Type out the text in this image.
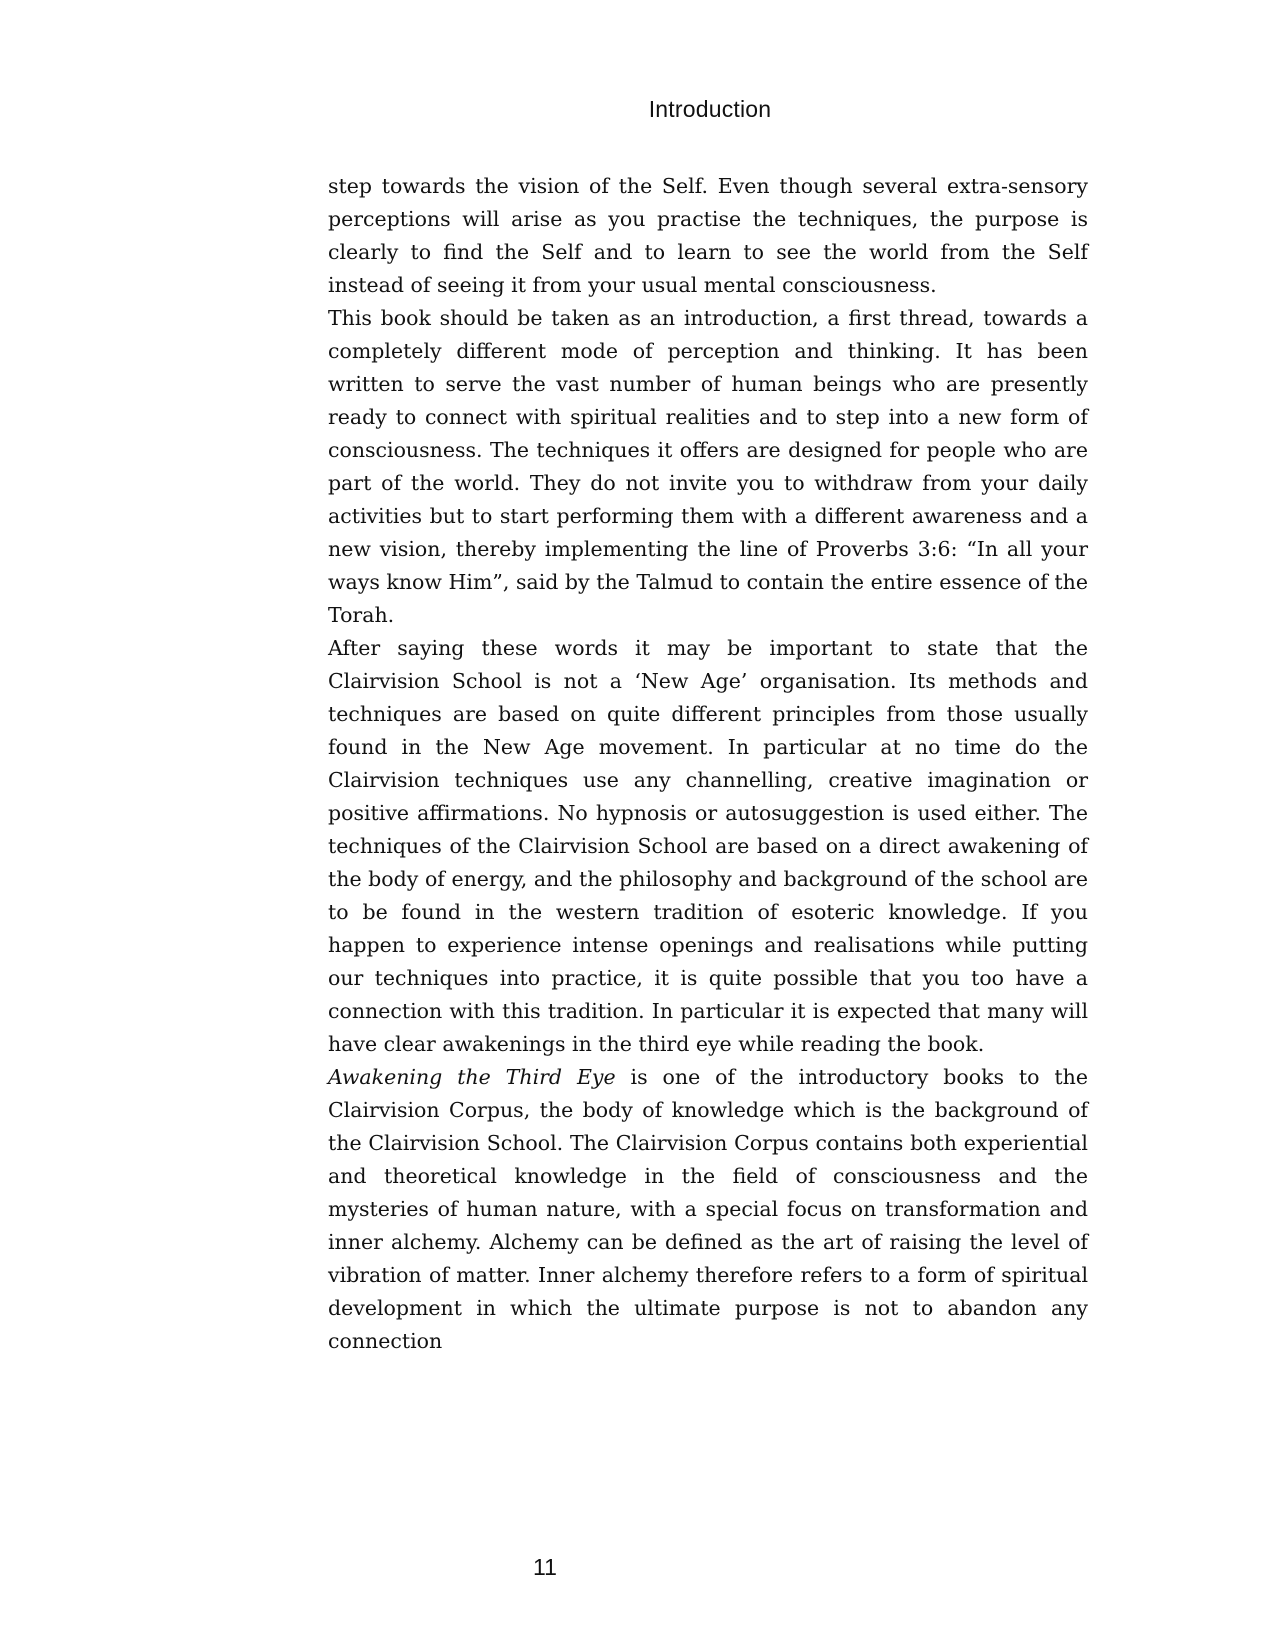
Introduction

step towards the vision of the Self. Even though several extra-sensory perceptions will arise as you practise the techniques, the purpose is clearly to find the Self and to learn to see the world from the Self instead of seeing it from your usual mental consciousness.

This book should be taken as an introduction, a first thread, towards a completely different mode of perception and thinking. It has been written to serve the vast number of human beings who are presently ready to connect with spiritual realities and to step into a new form of consciousness. The techniques it offers are designed for people who are part of the world. They do not invite you to withdraw from your daily activities but to start performing them with a different awareness and a new vision, thereby implementing the line of Proverbs 3:6: “In all your ways know Him”, said by the Talmud to contain the entire essence of the Torah.

After saying these words it may be important to state that the Clairvision School is not a ‘New Age’ organisation. Its methods and techniques are based on quite different principles from those usually found in the New Age movement. In particular at no time do the Clairvision techniques use any channelling, creative imagination or positive affirmations. No hypnosis or autosuggestion is used either. The techniques of the Clairvision School are based on a direct awakening of the body of energy, and the philosophy and background of the school are to be found in the western tradition of esoteric knowledge. If you happen to experience intense openings and realisations while putting our techniques into practice, it is quite possible that you too have a connection with this tradition. In particular it is expected that many will have clear awakenings in the third eye while reading the book.

Awakening the Third Eye is one of the introductory books to the Clairvision Corpus, the body of knowledge which is the background of the Clairvision School. The Clairvision Corpus contains both experiential and theoretical knowledge in the field of consciousness and the mysteries of human nature, with a special focus on transformation and inner alchemy. Alchemy can be defined as the art of raising the level of vibration of matter. Inner alchemy therefore refers to a form of spiritual development in which the ultimate purpose is not to abandon any connection

11
